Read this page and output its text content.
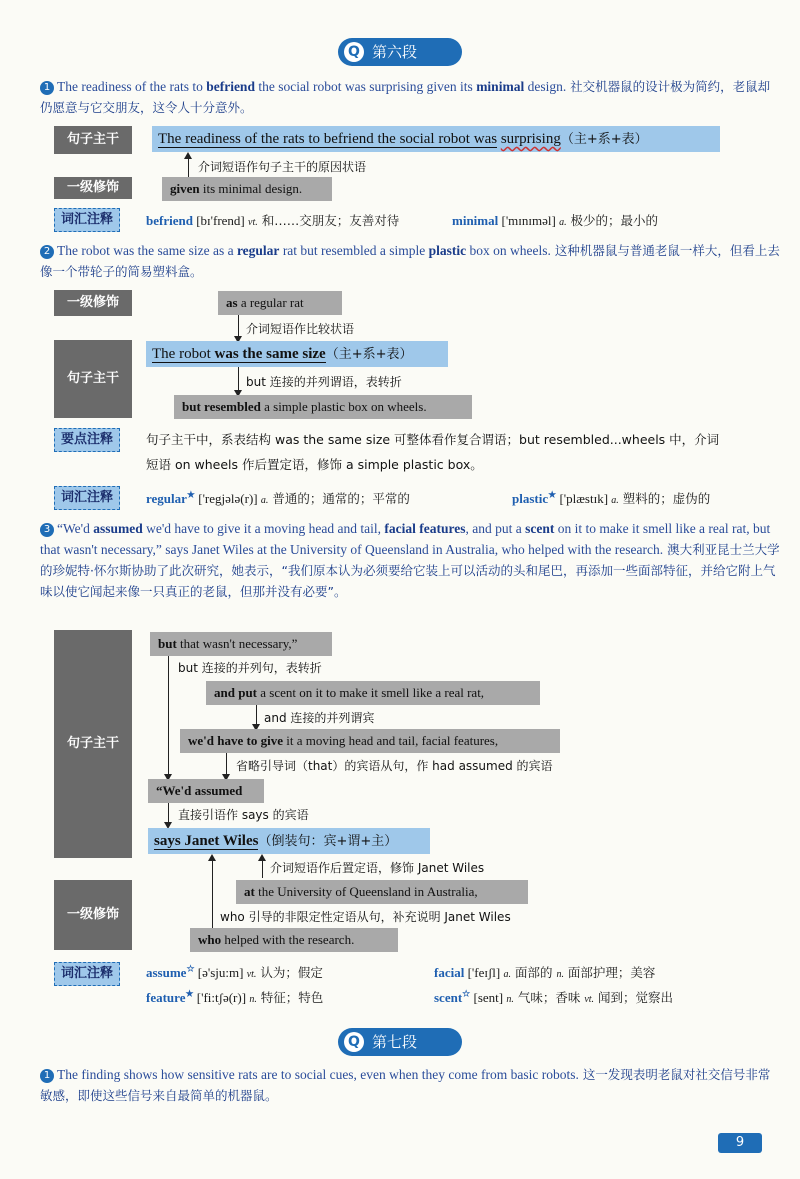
Q 第六段
1 The readiness of the rats to befriend the social robot was surprising given its minimal design. 社交机器鼠的设计极为简约，老鼠却仍愿意与它交朋友，这令人十分意外。
句子主干	The readiness of the rats to befriend the social robot was surprising（主+系+表）
介词短语作句子主干的原因状语
一级修饰	given its minimal design.
词汇注释	befriend [bɪ'frend] vt. 和……交朋友；友善对待	minimal ['mɪnɪməl] a. 极少的；最小的
2 The robot was the same size as a regular rat but resembled a simple plastic box on wheels. 这种机器鼠与普通老鼠一样大，但看上去像一个带轮子的简易塑料盒。
一级修饰	as a regular rat
介词短语作比较状语
句子主干
The robot was the same size（主+系+表）
but 连接的并列谓语，表转折
but resembled a simple plastic box on wheels.
要点注释	句子主干中，系表结构 was the same size 可整体看作复合谓语；but resembled...wheels 中，介词
短语 on wheels 作后置定语，修饰 a simple plastic box。
词汇注释	regular★ ['regjələ(r)] a. 普通的；通常的；平常的	plastic★ ['plæstɪk] a. 塑料的；虚伪的
3 “We'd assumed we'd have to give it a moving head and tail, facial features, and put a scent on it to make it smell like a real rat, but that wasn't necessary,” says Janet Wiles at the University of Queensland in Australia, who helped with the research. 澳大利亚昆士兰大学的珍妮特·怀尔斯协助了此次研究，她表示，“我们原本认为必须要给它装上可以活动的头和尾巴，再添加一些面部特征，并给它附上气味以使它闻起来像一只真正的老鼠，但那并没有必要”。
句子主干
but that wasn't necessary,”
but 连接的并列句，表转折
and put a scent on it to make it smell like a real rat,
and 连接的并列谓宾
we'd have to give it a moving head and tail, facial features,
省略引导词（that）的宾语从句，作 had assumed 的宾语
“We'd assumed
直接引语作 says 的宾语
says Janet Wiles（倒装句：宾+谓+主）
介词短语作后置定语，修饰 Janet Wiles
一级修饰
at the University of Queensland in Australia,
who 引导的非限定性定语从句，补充说明 Janet Wiles
who helped with the research.
词汇注释	assume☆ [ə'sju:m] vt. 认为；假定	facial ['feɪʃl] a. 面部的 n. 面部护理；美容
feature★ ['fi:tʃə(r)] n. 特征；特色	scent☆ [sent] n. 气味；香味 vt. 闻到；觉察出
Q 第七段
1 The finding shows how sensitive rats are to social cues, even when they come from basic robots. 这一发现表明老鼠对社交信号非常敏感，即使这些信号来自最简单的机器鼠。
9
